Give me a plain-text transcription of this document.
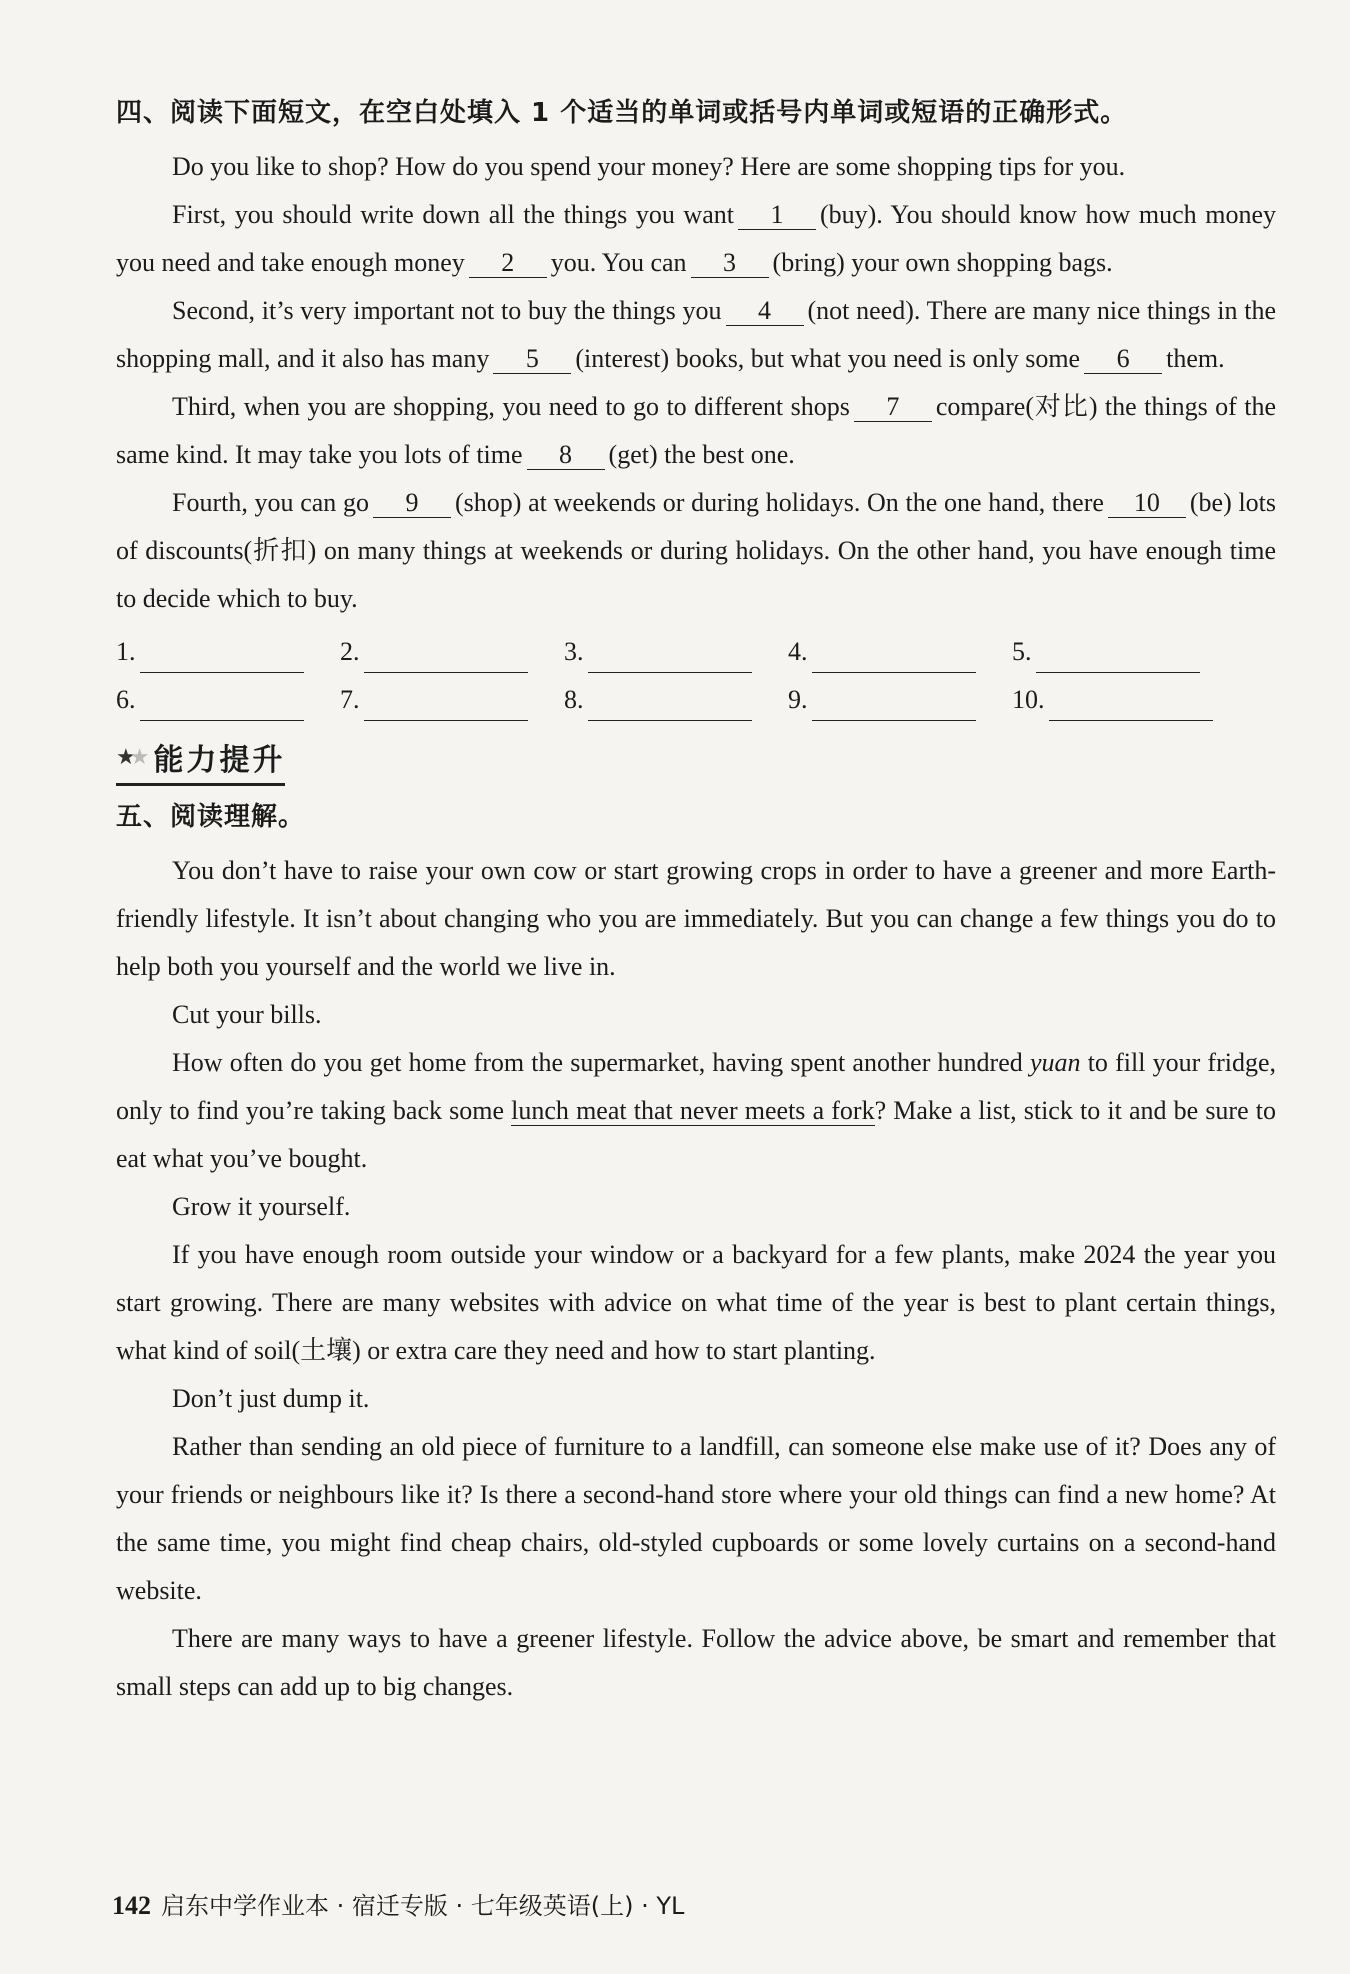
四、阅读下面短文，在空白处填入 1 个适当的单词或括号内单词或短语的正确形式。

Do you like to shop? How do you spend your money? Here are some shopping tips for you.

First, you should write down all the things you want 1 (buy). You should know how much money you need and take enough money 2 you. You can 3 (bring) your own shopping bags.

Second, it’s very important not to buy the things you 4 (not need). There are many nice things in the shopping mall, and it also has many 5 (interest) books, but what you need is only some 6 them.

Third, when you are shopping, you need to go to different shops 7 compare(对比) the things of the same kind. It may take you lots of time 8 (get) the best one.

Fourth, you can go 9 (shop) at weekends or during holidays. On the one hand, there 10 (be) lots of discounts(折扣) on many things at weekends or during holidays. On the other hand, you have enough time to decide which to buy.

1.	2.	3.	4.	5.
6.	7.	8.	9.	10.
★★ 能力提升
五、阅读理解。

You don’t have to raise your own cow or start growing crops in order to have a greener and more Earth-friendly lifestyle. It isn’t about changing who you are immediately. But you can change a few things you do to help both you yourself and the world we live in.

Cut your bills.

How often do you get home from the supermarket, having spent another hundred yuan to fill your fridge, only to find you’re taking back some lunch meat that never meets a fork? Make a list, stick to it and be sure to eat what you’ve bought.

Grow it yourself.

If you have enough room outside your window or a backyard for a few plants, make 2024 the year you start growing. There are many websites with advice on what time of the year is best to plant certain things, what kind of soil(土壤) or extra care they need and how to start planting.

Don’t just dump it.

Rather than sending an old piece of furniture to a landfill, can someone else make use of it? Does any of your friends or neighbours like it? Is there a second-hand store where your old things can find a new home? At the same time, you might find cheap chairs, old-styled cupboards or some lovely curtains on a second-hand website.

There are many ways to have a greener lifestyle. Follow the advice above, be smart and remember that small steps can add up to big changes.

142 启东中学作业本 · 宿迁专版 · 七年级英语(上) · YL
